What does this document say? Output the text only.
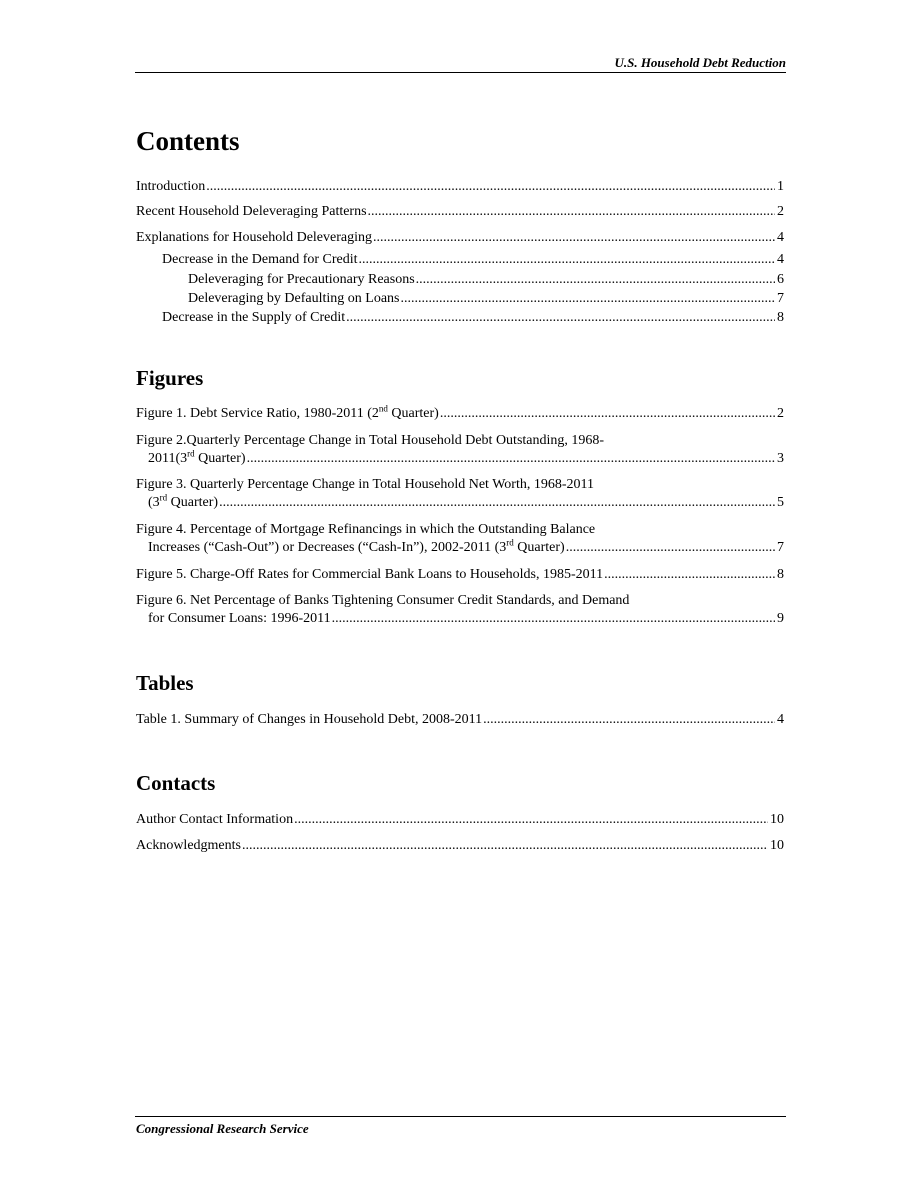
U.S. Household Debt Reduction
Contents
Introduction .....	1
Recent Household Deleveraging Patterns .....	2
Explanations for Household Deleveraging .....	4
Decrease in the Demand for Credit .....	4
Deleveraging for Precautionary Reasons .....	6
Deleveraging by Defaulting on Loans .....	7
Decrease in the Supply of Credit .....	8
Figures
Figure 1. Debt Service Ratio, 1980-2011 (2nd Quarter) .....	2
Figure 2.Quarterly Percentage Change in Total Household Debt Outstanding, 1968-
2011(3rd Quarter) .....	3
Figure 3. Quarterly Percentage Change in Total Household Net Worth, 1968-2011
(3rd Quarter) .....	5
Figure 4. Percentage of Mortgage Refinancings in which the Outstanding Balance
Increases (“Cash-Out”) or Decreases (“Cash-In”), 2002-2011 (3rd Quarter) .....	7
Figure 5. Charge-Off Rates for Commercial Bank Loans to Households, 1985-2011 .....	8
Figure 6. Net Percentage of Banks Tightening Consumer Credit Standards, and Demand
for Consumer Loans: 1996-2011 .....	9
Tables
Table 1. Summary of Changes in Household Debt, 2008-2011 .....	4
Contacts
Author Contact Information .....	10
Acknowledgments .....	10
Congressional Research Service
